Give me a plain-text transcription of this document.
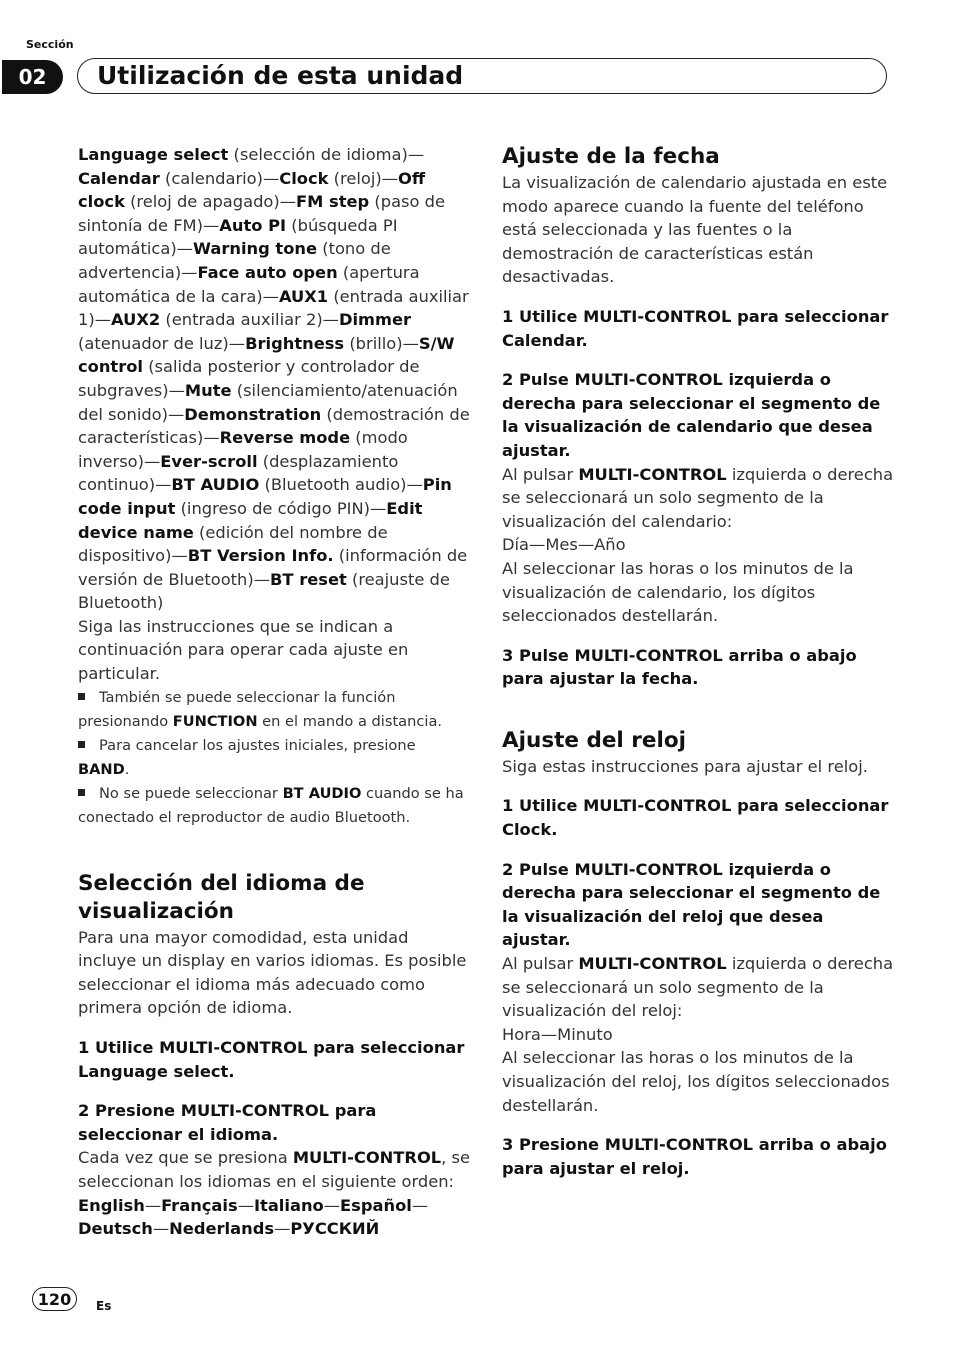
Sección
02	Utilización de esta unidad

Language select (selección de idioma)—Calendar (calendario)—Clock (reloj)—Off clock (reloj de apagado)—FM step (paso de sintonía de FM)—Auto PI (búsqueda PI automática)—Warning tone (tono de advertencia)—Face auto open (apertura automática de la cara)—AUX1 (entrada auxiliar 1)—AUX2 (entrada auxiliar 2)—Dimmer (atenuador de luz)—Brightness (brillo)—S/W control (salida posterior y controlador de subgraves)—Mute (silenciamiento/atenuación del sonido)—Demonstration (demostración de características)—Reverse mode (modo inverso)—Ever-scroll (desplazamiento continuo)—BT AUDIO (Bluetooth audio)—Pin code input (ingreso de código PIN)—Edit device name (edición del nombre de dispositivo)—BT Version Info. (información de versión de Bluetooth)—BT reset (reajuste de Bluetooth)

Siga las instrucciones que se indican a continuación para operar cada ajuste en particular.

También se puede seleccionar la función presionando FUNCTION en el mando a distancia.

Para cancelar los ajustes iniciales, presione BAND.

No se puede seleccionar BT AUDIO cuando se ha conectado el reproductor de audio Bluetooth.

Selección del idioma de visualización

Para una mayor comodidad, esta unidad incluye un display en varios idiomas. Es posible seleccionar el idioma más adecuado como primera opción de idioma.

1 Utilice MULTI-CONTROL para seleccionar Language select.

2 Presione MULTI-CONTROL para seleccionar el idioma.

Cada vez que se presiona MULTI-CONTROL, se seleccionan los idiomas en el siguiente orden:

English—Français—Italiano—Español—Deutsch—Nederlands—РУССКИЙ

Ajuste de la fecha

La visualización de calendario ajustada en este modo aparece cuando la fuente del teléfono está seleccionada y las fuentes o la demostración de características están desactivadas.

1 Utilice MULTI-CONTROL para seleccionar Calendar.

2 Pulse MULTI-CONTROL izquierda o derecha para seleccionar el segmento de la visualización de calendario que desea ajustar.

Al pulsar MULTI-CONTROL izquierda o derecha se seleccionará un solo segmento de la visualización del calendario:

Día—Mes—Año

Al seleccionar las horas o los minutos de la visualización de calendario, los dígitos seleccionados destellarán.

3 Pulse MULTI-CONTROL arriba o abajo para ajustar la fecha.

Ajuste del reloj

Siga estas instrucciones para ajustar el reloj.

1 Utilice MULTI-CONTROL para seleccionar Clock.

2 Pulse MULTI-CONTROL izquierda o derecha para seleccionar el segmento de la visualización del reloj que desea ajustar.

Al pulsar MULTI-CONTROL izquierda o derecha se seleccionará un solo segmento de la visualización del reloj:

Hora—Minuto

Al seleccionar las horas o los minutos de la visualización del reloj, los dígitos seleccionados destellarán.

3 Presione MULTI-CONTROL arriba o abajo para ajustar el reloj.

120	Es
